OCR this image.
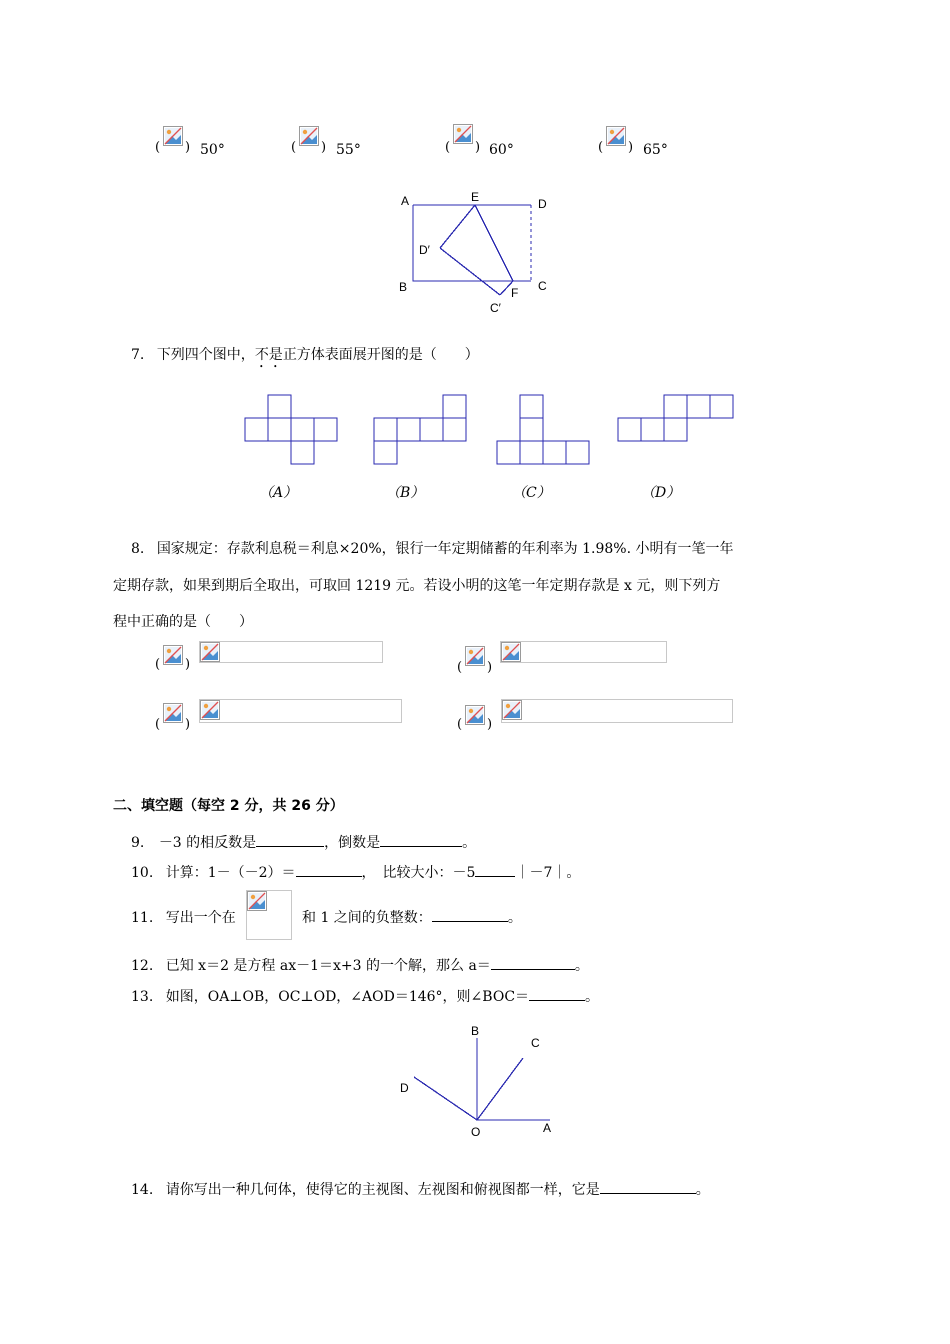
( ) 50°	( ) 55°	( ) 60°	( ) 65°
A	E	D
D′
B	F C
C′
7. 下列四个图中，不是正方体表面展开图的是（　　）
（A）	（B）	（C）	（D）
8. 国家规定：存款利息税＝利息×20%，银行一年定期储蓄的年利率为 1.98%. 小明有一笔一年
定期存款，如果到期后全取出，可取回 1219 元。若设小明的这笔一年定期存款是 x 元，则下列方
程中正确的是（　　）
( )	( )
( )	( )
二、填空题（每空 2 分，共 26 分）
9. －3 的相反数是	，倒数是	。
10. 计算：1－（－2）＝	，　比较大小：－5	｜－7｜。
11. 写出一个在	和 1 之间的负整数：	。
12. 已知 x＝2 是方程 ax－1＝x+3 的一个解，那么 a＝	。
13. 如图，OA⊥OB，OC⊥OD，∠AOD＝146°，则∠BOC＝	。
B
C
D
O	A
14. 请你写出一种几何体，使得它的主视图、左视图和俯视图都一样，它是	。
